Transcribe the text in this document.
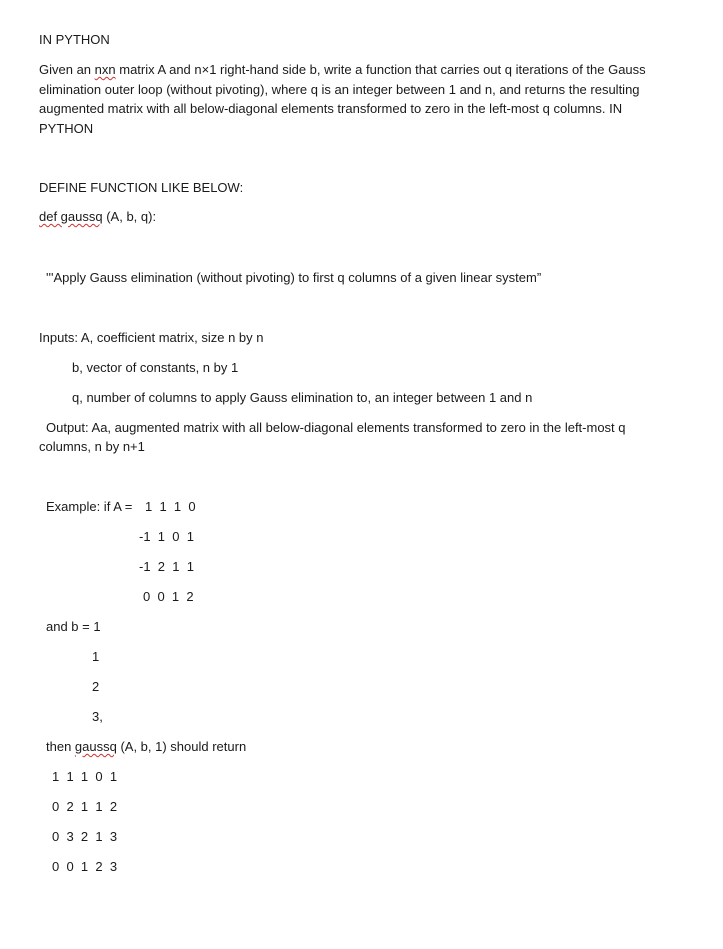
IN PYTHON
Given an nxn matrix A and n×1 right-hand side b, write a function that carries out q iterations of the Gauss elimination outer loop (without pivoting), where q is an integer between 1 and n, and returns the resulting augmented matrix with all below-diagonal elements transformed to zero in the left-most q columns. IN PYTHON
DEFINE FUNCTION LIKE BELOW:
def gaussq (A, b, q):
'''Apply Gauss elimination (without pivoting) to first q columns of a given linear system”
Inputs: A, coefficient matrix, size n by n
b, vector of constants, n by 1
q, number of columns to apply Gauss elimination to, an integer between 1 and n
Output: Aa, augmented matrix with all below-diagonal elements transformed to zero in the left-most q
columns, n by n+1
Example: if A = 1  1  1  0
-1  1  0  1
-1  2  1  1
0  0  1  2
and b = 1
1
2
3,
then gaussq (A, b, 1) should return
1  1  1  0  1
0  2  1  1  2
0  3  2  1  3
0  0  1  2  3
